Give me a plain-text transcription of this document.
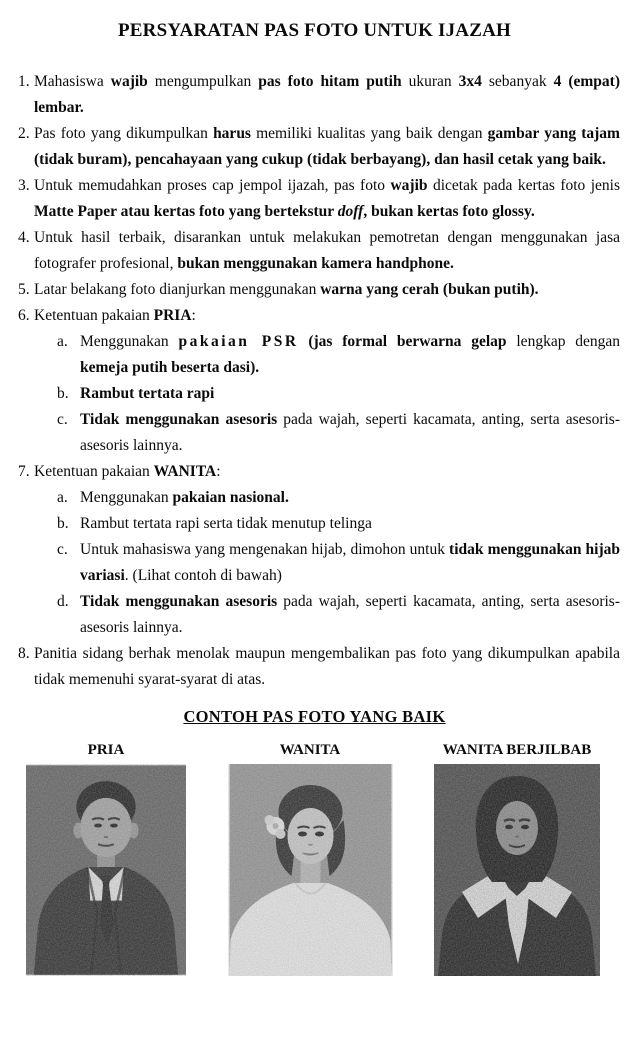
PERSYARATAN PAS FOTO UNTUK IJAZAH
1. Mahasiswa wajib mengumpulkan pas foto hitam putih ukuran 3x4 sebanyak 4 (empat) lembar.
2. Pas foto yang dikumpulkan harus memiliki kualitas yang baik dengan gambar yang tajam (tidak buram), pencahayaan yang cukup (tidak berbayang), dan hasil cetak yang baik.
3. Untuk memudahkan proses cap jempol ijazah, pas foto wajib dicetak pada kertas foto jenis Matte Paper atau kertas foto yang bertekstur doff, bukan kertas foto glossy.
4. Untuk hasil terbaik, disarankan untuk melakukan pemotretan dengan menggunakan jasa fotografer profesional, bukan menggunakan kamera handphone.
5. Latar belakang foto dianjurkan menggunakan warna yang cerah (bukan putih).
6. Ketentuan pakaian PRIA:
a. Menggunakan pakaian PSR (jas formal berwarna gelap lengkap dengan kemeja putih beserta dasi).
b. Rambut tertata rapi
c. Tidak menggunakan asesoris pada wajah, seperti kacamata, anting, serta asesoris-asesoris lainnya.
7. Ketentuan pakaian WANITA:
a. Menggunakan pakaian nasional.
b. Rambut tertata rapi serta tidak menutup telinga
c. Untuk mahasiswa yang mengenakan hijab, dimohon untuk tidak menggunakan hijab variasi. (Lihat contoh di bawah)
d. Tidak menggunakan asesoris pada wajah, seperti kacamata, anting, serta asesoris-asesoris lainnya.
8. Panitia sidang berhak menolak maupun mengembalikan pas foto yang dikumpulkan apabila tidak memenuhi syarat-syarat di atas.
CONTOH PAS FOTO YANG BAIK
PRIA	WANITA	WANITA BERJILBAB
